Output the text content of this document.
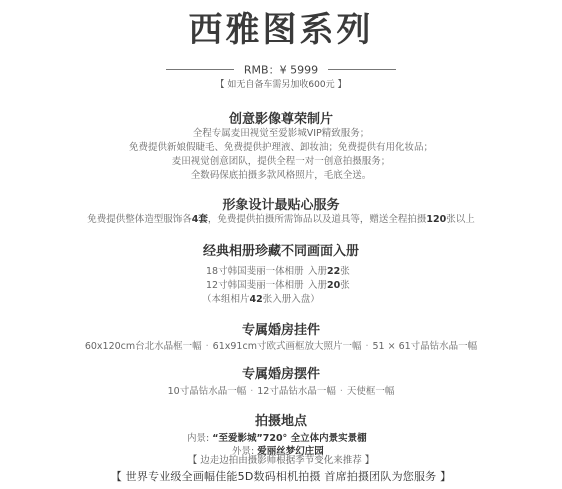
西雅图系列
RMB：¥ 5999
【 如无自备车需另加收600元 】
创意影像尊荣制片
全程专属麦田视觉至爱影城VIP精致服务；
免费提供新娘假睫毛、免费提供护理液、卸妆油；免费提供有用化妆品；
麦田视觉创意团队，提供全程一对一创意拍摄服务；
全数码保底拍摄多款风格照片，毛底全送。
形象设计最贴心服务
免费提供整体造型服饰各4套，免费提供拍摄所需饰品以及道具等，赠送全程拍摄120张以上
经典相册珍藏不同画面入册
18寸韩国斐丽一体相册 入册22张
12寸韩国斐丽一体相册 入册20张
（本组相片42张入册入盘）
专属婚房挂件
60x120cm台北水晶框一幅 · 61x91cm寸欧式画框放大照片一幅 · 51 × 61寸晶钻水晶一幅
专属婚房摆件
10寸晶钻水晶一幅 · 12寸晶钻水晶一幅 · 天使框一幅
拍摄地点
内景: “至爱影城”720° 全立体内景实景棚
外景: 爱丽丝梦幻庄园
【 边走边拍由摄影师根据季节变化来推荐 】
【 世界专业级全画幅佳能5D数码相机拍摄 首席拍摄团队为您服务 】
